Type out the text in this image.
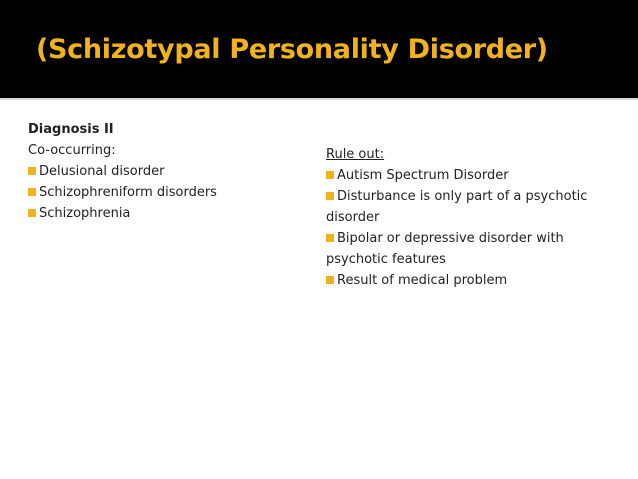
(Schizotypal Personality Disorder)
Diagnosis II
Co-occurring:
Delusional disorder
Schizophreniform disorders
Schizophrenia
Rule out:
Autism Spectrum Disorder
Disturbance is only part of a psychotic disorder
Bipolar or depressive disorder with psychotic features
Result of medical problem
